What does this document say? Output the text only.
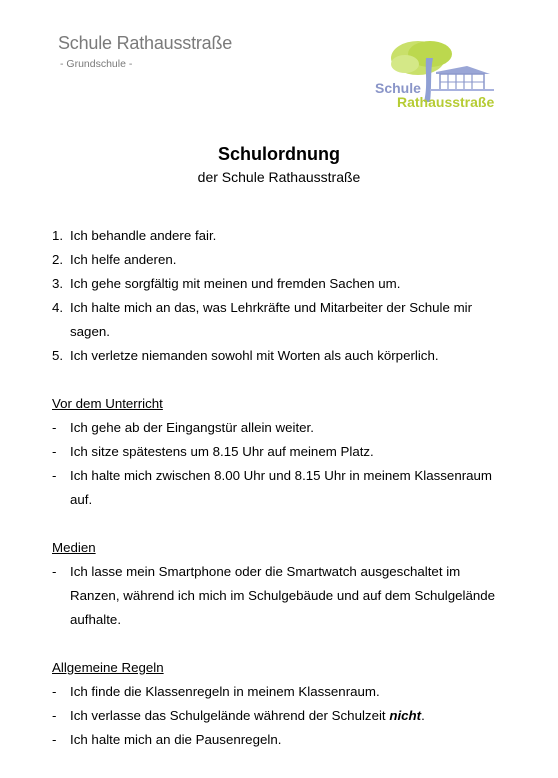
Schule Rathausstraße
- Grundschule -
Schule
Rathausstraße
Schulordnung
der Schule Rathausstraße
1. Ich behandle andere fair.
2. Ich helfe anderen.
3. Ich gehe sorgfältig mit meinen und fremden Sachen um.
4. Ich halte mich an das, was Lehrkräfte und Mitarbeiter der Schule mir sagen.
5. Ich verletze niemanden sowohl mit Worten als auch körperlich.
Vor dem Unterricht
-	Ich gehe ab der Eingangstür allein weiter.
-	Ich sitze spätestens um 8.15 Uhr auf meinem Platz.
-	Ich halte mich zwischen 8.00 Uhr und 8.15 Uhr in meinem Klassenraum auf.
Medien
-	Ich lasse mein Smartphone oder die Smartwatch ausgeschaltet im Ranzen, während ich mich im Schulgebäude und auf dem Schulgelände aufhalte.
Allgemeine Regeln
-	Ich finde die Klassenregeln in meinem Klassenraum.
-	Ich verlasse das Schulgelände während der Schulzeit nicht.
-	Ich halte mich an die Pausenregeln.
